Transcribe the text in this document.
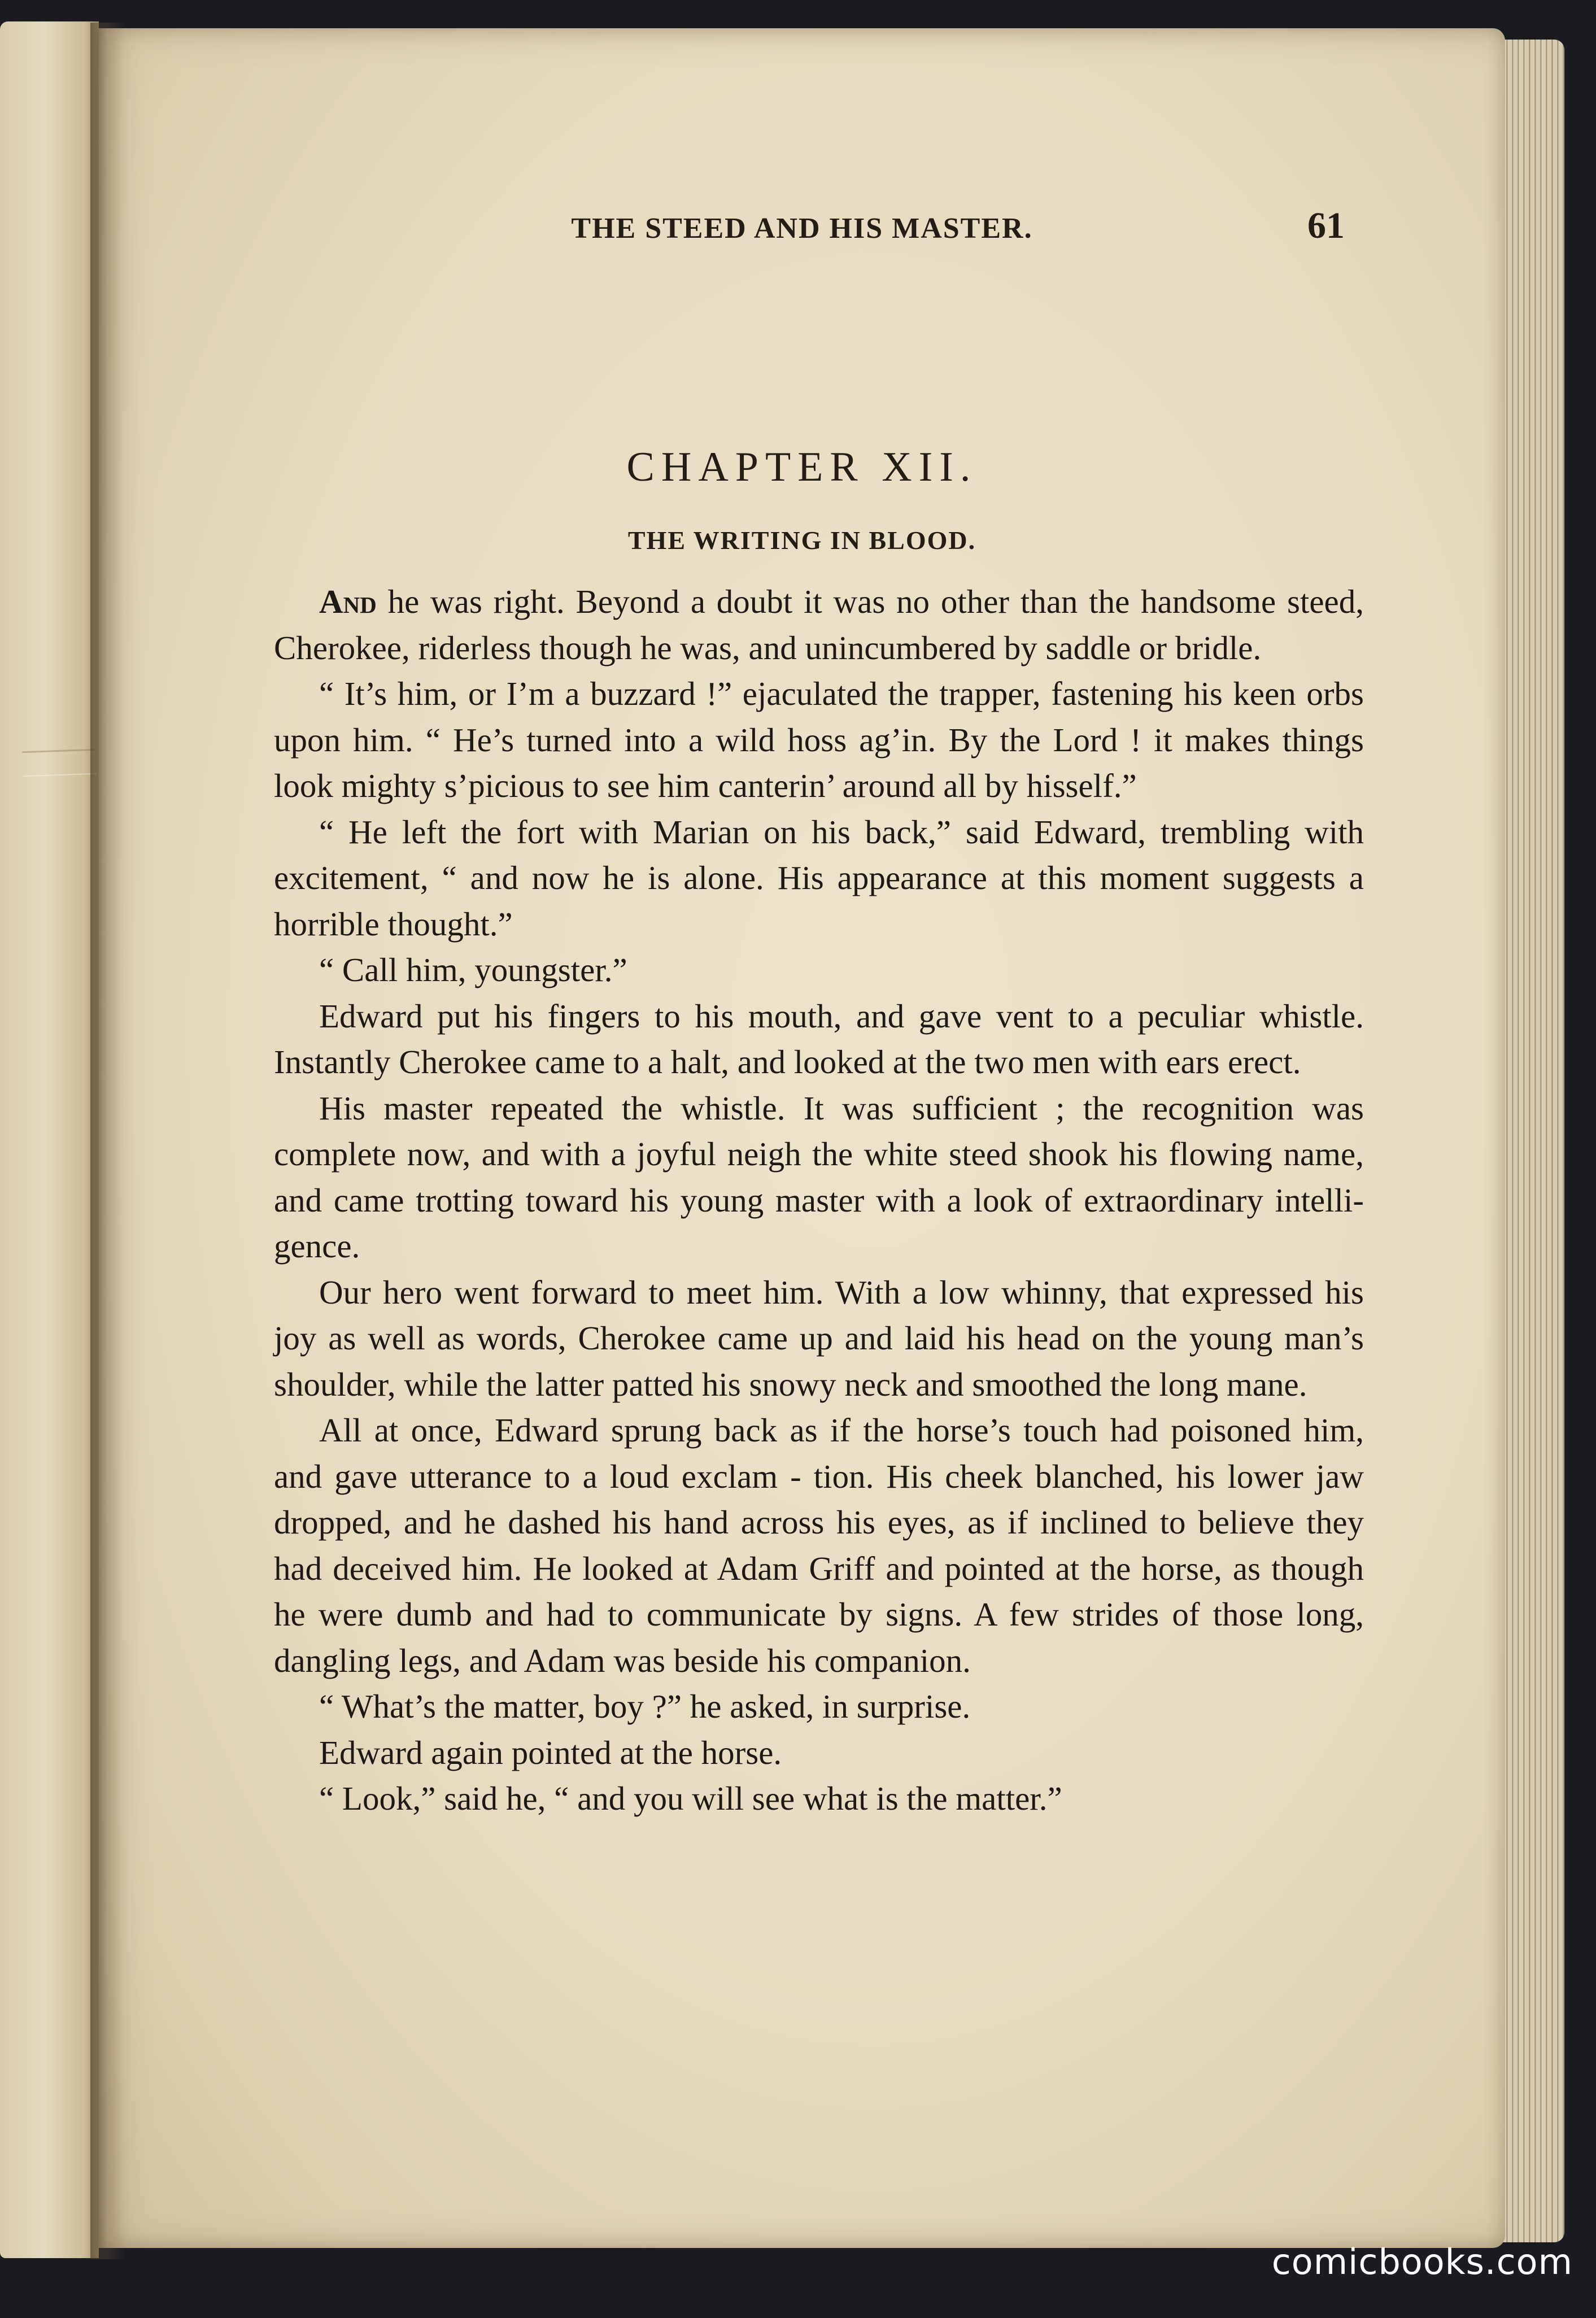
THE STEED AND HIS MASTER.	61
CHAPTER XII.
THE WRITING IN BLOOD.

And he was right. Beyond a doubt it was no other than the handsome steed, Cherokee, riderless though he was, and unincumbered by saddle or bridle.

“ It’s him, or I’m a buzzard !” ejaculated the trapper, fastening his keen orbs upon him. “ He’s turned into a wild hoss ag’in. By the Lord ! it makes things look mighty s’picious to see him canterin’ around all by hisself.”

“ He left the fort with Marian on his back,” said Edward, trembling with excitement, “ and now he is alone. His appearance at this moment suggests a horrible thought.”

“ Call him, youngster.”

Edward put his fingers to his mouth, and gave vent to a peculiar whistle. Instantly Cherokee came to a halt, and looked at the two men with ears erect.

His master repeated the whistle. It was sufficient ; the recognition was complete now, and with a joyful neigh the white steed shook his flowing name, and came trotting toward his young master with a look of extraordinary intelligence.

Our hero went forward to meet him. With a low whinny, that expressed his joy as well as words, Cherokee came up and laid his head on the young man’s shoulder, while the latter patted his snowy neck and smoothed the long mane.

All at once, Edward sprung back as if the horse’s touch had poisoned him, and gave utterance to a loud exclam - tion. His cheek blanched, his lower jaw dropped, and he dashed his hand across his eyes, as if inclined to believe they had deceived him. He looked at Adam Griff and pointed at the horse, as though he were dumb and had to communicate by signs. A few strides of those long, dangling legs, and Adam was beside his companion.

“ What’s the matter, boy ?” he asked, in surprise.

Edward again pointed at the horse.

“ Look,” said he, “ and you will see what is the matter.”

comicbooks.com
